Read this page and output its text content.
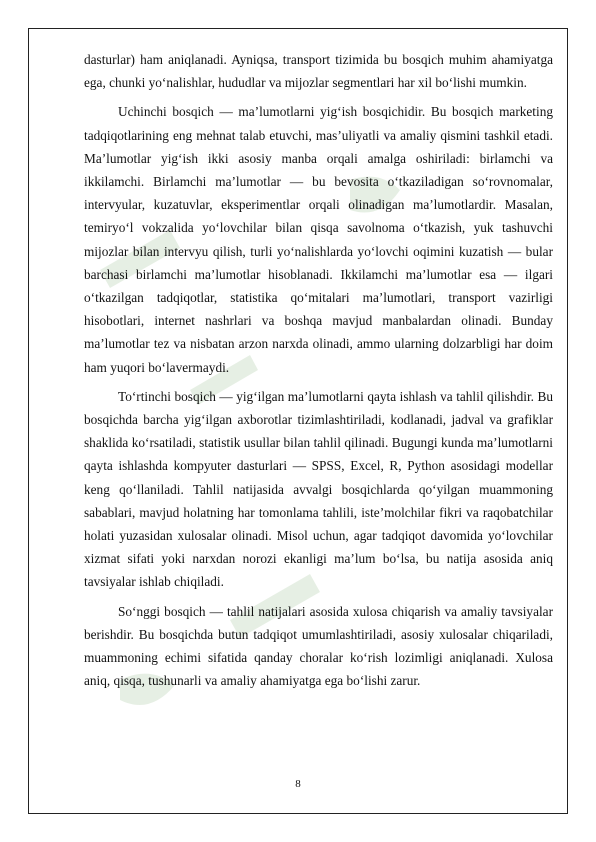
dasturlar) ham aniqlanadi. Ayniqsa, transport tizimida bu bosqich muhim ahamiyatga ega, chunki yoʻnalishlar, hududlar va mijozlar segmentlari har xil boʻlishi mumkin.

Uchinchi bosqich — maʼlumotlarni yigʻish bosqichidir. Bu bosqich marketing tadqiqotlarining eng mehnat talab etuvchi, masʼuliyatli va amaliy qismini tashkil etadi. Maʼlumotlar yigʻish ikki asosiy manba orqali amalga oshiriladi: birlamchi va ikkilamchi. Birlamchi maʼlumotlar — bu bevosita oʻtkaziladigan soʻrovnomalar, intervyular, kuzatuvlar, eksperimentlar orqali olinadigan maʼlumotlardir. Masalan, temiryoʻl vokzalida yoʻlovchilar bilan qisqa savolnoma oʻtkazish, yuk tashuvchi mijozlar bilan intervyu qilish, turli yoʻnalishlarda yoʻlovchi oqimini kuzatish — bular barchasi birlamchi maʼlumotlar hisoblanadi. Ikkilamchi maʼlumotlar esa — ilgari oʻtkazilgan tadqiqotlar, statistika qoʻmitalari maʼlumotlari, transport vazirligi hisobotlari, internet nashrlari va boshqa mavjud manbalardan olinadi. Bunday maʼlumotlar tez va nisbatan arzon narxda olinadi, ammo ularning dolzarbligi har doim ham yuqori boʻlavermaydi.

Toʻrtinchi bosqich — yigʻilgan maʼlumotlarni qayta ishlash va tahlil qilishdir. Bu bosqichda barcha yigʻilgan axborotlar tizimlashtiriladi, kodlanadi, jadval va grafiklar shaklida koʻrsatiladi, statistik usullar bilan tahlil qilinadi. Bugungi kunda maʼlumotlarni qayta ishlashda kompyuter dasturlari — SPSS, Excel, R, Python asosidagi modellar keng qoʻllaniladi. Tahlil natijasida avvalgi bosqichlarda qoʻyilgan muammoning sabablari, mavjud holatning har tomonlama tahlili, isteʼmolchilar fikri va raqobatchilar holati yuzasidan xulosalar olinadi. Misol uchun, agar tadqiqot davomida yoʻlovchilar xizmat sifati yoki narxdan norozi ekanligi maʼlum boʻlsa, bu natija asosida aniq tavsiyalar ishlab chiqiladi.

Soʻnggi bosqich — tahlil natijalari asosida xulosa chiqarish va amaliy tavsiyalar berishdir. Bu bosqichda butun tadqiqot umumlashtiriladi, asosiy xulosalar chiqariladi, muammoning echimi sifatida qanday choralar koʻrish lozimligi aniqlanadi. Xulosa aniq, qisqa, tushunarli va amaliy ahamiyatga ega boʻlishi zarur.

8
